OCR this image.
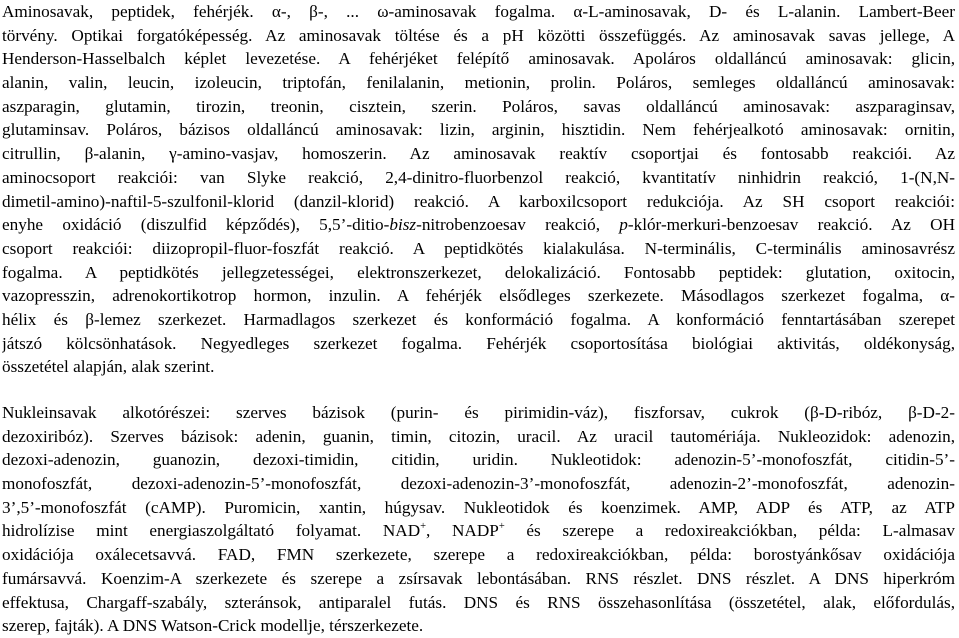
Aminosavak, peptidek, fehérjék. α-, β-, ... ω-aminosavak fogalma. α-L-aminosavak, D- és L-alanin. Lambert-Beer
törvény. Optikai forgatóképesség. Az aminosavak töltése és a pH közötti összefüggés. Az aminosavak savas jellege, A
Henderson-Hasselbalch képlet levezetése. A fehérjéket felépítő aminosavak. Apoláros oldalláncú aminosavak: glicin,
alanin, valin, leucin, izoleucin, triptofán, fenilalanin, metionin, prolin. Poláros, semleges oldalláncú aminosavak:
aszparagin, glutamin, tirozin, treonin, cisztein, szerin. Poláros, savas oldalláncú aminosavak: aszparaginsav,
glutaminsav. Poláros, bázisos oldalláncú aminosavak: lizin, arginin, hisztidin. Nem fehérjealkotó aminosavak: ornitin,
citrullin, β-alanin, γ-amino-vasjav, homoszerin. Az aminosavak reaktív csoportjai és fontosabb reakciói. Az
aminocsoport reakciói: van Slyke reakció, 2,4-dinitro-fluorbenzol reakció, kvantitatív ninhidrin reakció, 1-(N,N-
dimetil-amino)-naftil-5-szulfonil-klorid (danzil-klorid) reakció. A karboxilcsoport redukciója. Az SH csoport reakciói:
enyhe oxidáció (diszulfid képződés), 5,5’-ditio-bisz-nitrobenzoesav reakció, p-klór-merkuri-benzoesav reakció. Az OH
csoport reakciói: diizopropil-fluor-foszfát reakció. A peptidkötés kialakulása. N-terminális, C-terminális aminosavrész
fogalma. A peptidkötés jellegzetességei, elektronszerkezet, delokalizáció. Fontosabb peptidek: glutation, oxitocin,
vazopresszin, adrenokortikotrop hormon, inzulin. A fehérjék elsődleges szerkezete. Másodlagos szerkezet fogalma, α-
hélix és β-lemez szerkezet. Harmadlagos szerkezet és konformáció fogalma. A konformáció fenntartásában szerepet
játszó kölcsönhatások. Negyedleges szerkezet fogalma. Fehérjék csoportosítása biológiai aktivitás, oldékonyság,
összetétel alapján, alak szerint.
Nukleinsavak alkotórészei: szerves bázisok (purin- és pirimidin-váz), fiszforsav, cukrok (β-D-ribóz, β-D-2-
dezoxiribóz). Szerves bázisok: adenin, guanin, timin, citozin, uracil. Az uracil tautomériája. Nukleozidok: adenozin,
dezoxi-adenozin, guanozin, dezoxi-timidin, citidin, uridin. Nukleotidok: adenozin-5’-monofoszfát, citidin-5’-
monofoszfát, dezoxi-adenozin-5’-monofoszfát, dezoxi-adenozin-3’-monofoszfát, adenozin-2’-monofoszfát, adenozin-
3’,5’-monofoszfát (cAMP). Puromicin, xantin, húgysav. Nukleotidok és koenzimek. AMP, ADP és ATP, az ATP
hidrolízise mint energiaszolgáltató folyamat. NAD+, NADP+ és szerepe a redoxireakciókban, példa: L-almasav
oxidációja oxálecetsavvá. FAD, FMN szerkezete, szerepe a redoxireakciókban, példa: borostyánkősav oxidációja
fumársavvá. Koenzim-A szerkezete és szerepe a zsírsavak lebontásában. RNS részlet. DNS részlet. A DNS hiperkróm
effektusa, Chargaff-szabály, szteránsok, antiparalel futás. DNS és RNS összehasonlítása (összetétel, alak, előfordulás,
szerep, fajták). A DNS Watson-Crick modellje, térszerkezete.
